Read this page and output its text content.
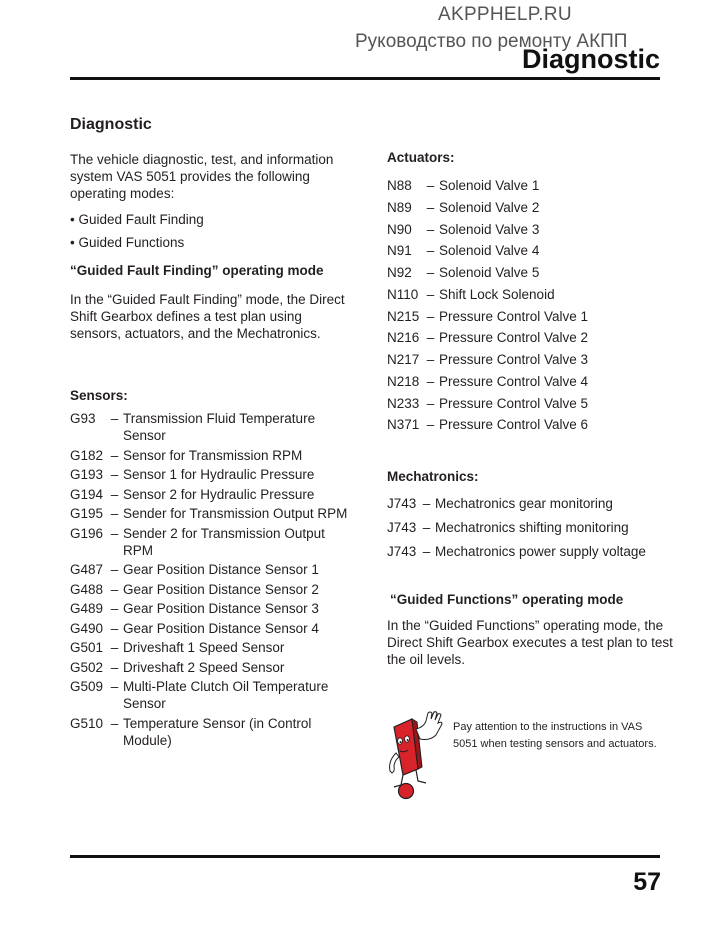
AKPPHELP.RU
Руководство по ремонту АКПП
Diagnostic
Diagnostic

The vehicle diagnostic, test, and information system VAS 5051 provides the following operating modes:

• Guided Fault Finding
• Guided Functions
“Guided Fault Finding” operating mode

In the “Guided Fault Finding” mode, the Direct Shift Gearbox defines a test plan using sensors, actuators, and the Mechatronics.

Sensors:
G93	– Transmission Fluid Temperature Sensor
G182 – Sensor for Transmission RPM
G193 – Sensor 1 for Hydraulic Pressure
G194 – Sensor 2 for Hydraulic Pressure
G195 – Sender for Transmission Output RPM
G196 – Sender 2 for Transmission Output RPM
G487 – Gear Position Distance Sensor 1
G488 – Gear Position Distance Sensor 2
G489 – Gear Position Distance Sensor 3
G490 – Gear Position Distance Sensor 4
G501 – Driveshaft 1 Speed Sensor
G502 – Driveshaft 2 Speed Sensor
G509 – Multi-Plate Clutch Oil Temperature Sensor
G510 – Temperature Sensor (in Control Module)
Actuators:
N88	– Solenoid Valve 1
N89	– Solenoid Valve 2
N90	– Solenoid Valve 3
N91	– Solenoid Valve 4
N92	– Solenoid Valve 5
N110 – Shift Lock Solenoid
N215 – Pressure Control Valve 1
N216 – Pressure Control Valve 2
N217 – Pressure Control Valve 3
N218 – Pressure Control Valve 4
N233 – Pressure Control Valve 5
N371 – Pressure Control Valve 6
Mechatronics:
J743 – Mechatronics gear monitoring
J743 – Mechatronics shifting monitoring
J743 – Mechatronics power supply voltage
“Guided Functions” operating mode

In the “Guided Functions” operating mode, the Direct Shift Gearbox executes a test plan to test the oil levels.

Pay attention to the instructions in VAS 5051 when testing sensors and actuators.

57
